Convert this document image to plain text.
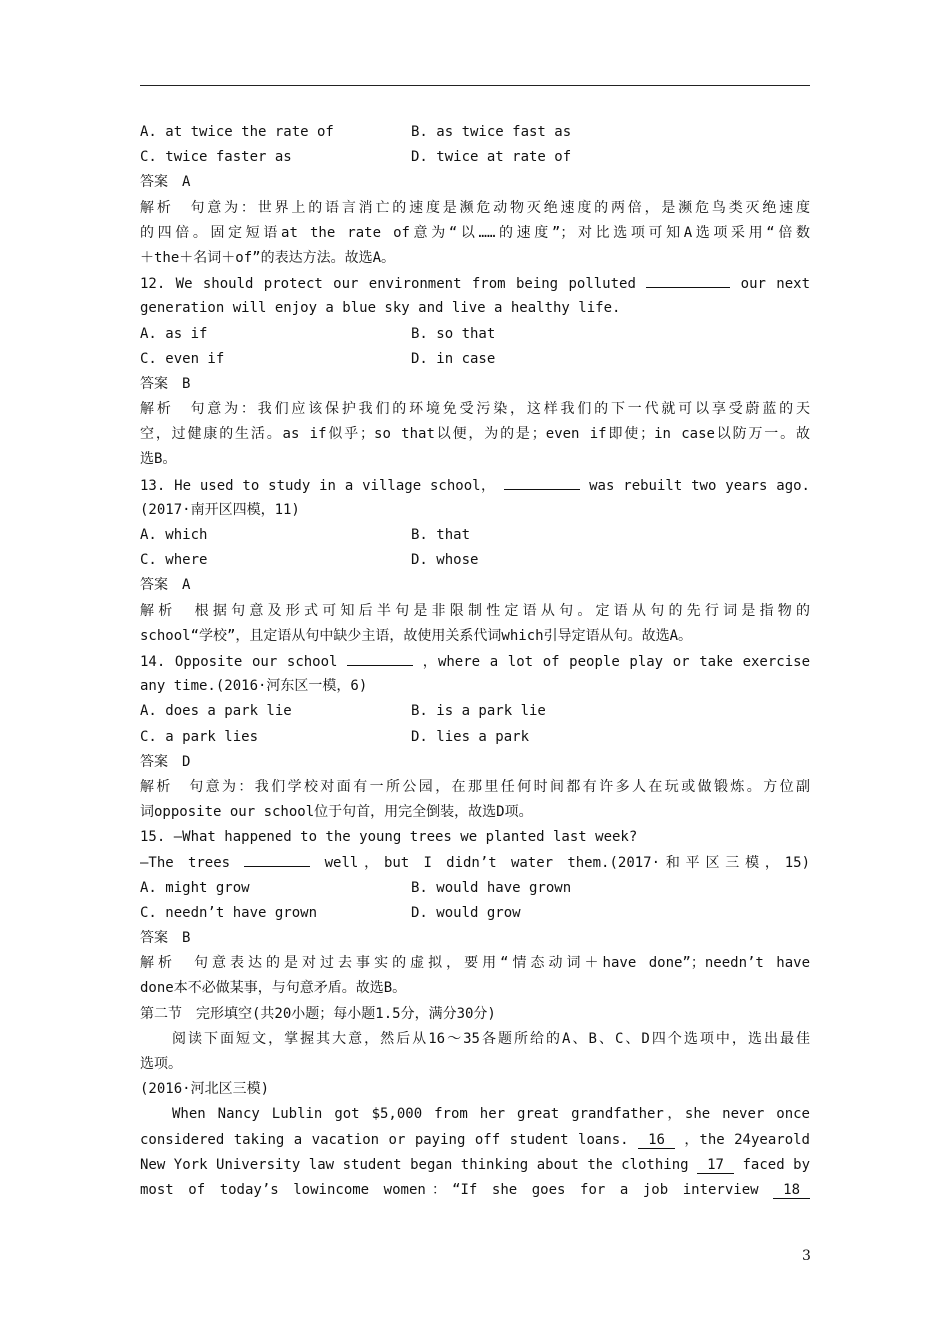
A. at twice the rate of	B. as twice fast as
C. twice faster as	D. twice at rate of
答案　A
解析　句意为：世界上的语言消亡的速度是濒危动物灭绝速度的两倍，是濒危鸟类灭绝速度
的四倍。固定短语at the rate of意为“以……的速度”；对比选项可知A选项采用“倍数
＋the＋名词＋of”的表达方法。故选A。
12. We should protect our environment from being polluted	our next
generation will enjoy a blue sky and live a healthy life.
A. as if	B. so that
C. even if	D. in case
答案　B
解析　句意为：我们应该保护我们的环境免受污染，这样我们的下一代就可以享受蔚蓝的天
空，过健康的生活。as if似乎；so that以便，为的是；even if即使；in case以防万一。故
选B。
13. He used to study in a village school，	was rebuilt two years ago.
(2017·南开区四模，11)
A. which	B. that
C. where	D. whose
答案　A
解析　根据句意及形式可知后半句是非限制性定语从句。定语从句的先行词是指物的
school“学校”，且定语从句中缺少主语，故使用关系代词which引导定语从句。故选A。
14. Opposite our school	，where a lot of people play or take exercise
any time.(2016·河东区一模，6)
A. does a park lie	B. is a park lie
C. a park lies	D. lies a park
答案　D
解析　句意为：我们学校对面有一所公园，在那里任何时间都有许多人在玩或做锻炼。方位副
词opposite our school位于句首，用完全倒装，故选D项。
15. —What happened to the young trees we planted last week?
—The trees	well，but I didn’t water them.(2017·和平区三模，15)
A. might grow	B. would have grown
C. needn’t have grown	D. would grow
答案　B
解析　句意表达的是对过去事实的虚拟，要用“情态动词＋have done”；needn’t have
done本不必做某事，与句意矛盾。故选B。
第二节　完形填空(共20小题；每小题1.5分，满分30分)
阅读下面短文，掌握其大意，然后从16～35各题所给的A、B、C、D四个选项中，选出最佳
选项。
(2016·河北区三模)
When Nancy Lublin got $5,000 from her great grandfather，she never once
considered taking a vacation or paying off student loans. 16 ，the 24yearold
New York University law student began thinking about the clothing 17 faced by
most of today’s lowincome women：“If she goes for a job interview 18
3
